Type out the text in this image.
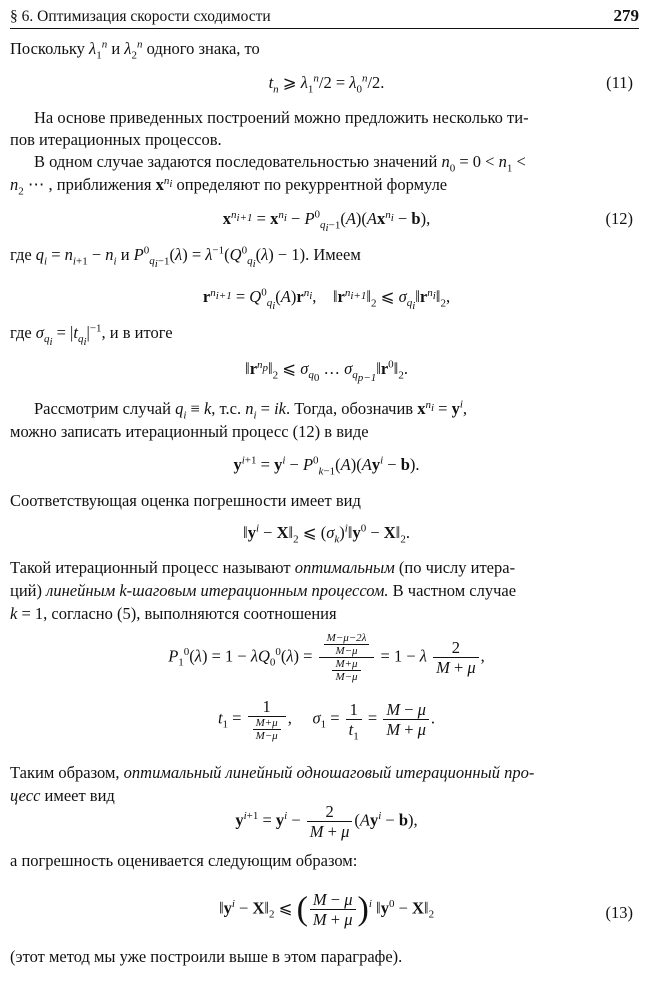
§ 6. Оптимизация скорости сходимости	279
Поскольку $\lambda_1^n$ и $\lambda_2^n$ одного знака, то
$t_n$ ⩾ $\lambda_1^n/2 = \lambda_0^n/2$.	(11)
На основе приведенных построений можно предложить несколько ти-
пов итерационных процессов.
В одном случае задаются последовательностью значений $n_0 = 0 < n_1$ <
$n_2$ ⋯ , приближения $x^{n_i}$ определяют по рекуррентной формуле
$x^{n_{i+1}} = x^{n_i} - P^0_{q_i-1}(A)(Ax^{n_i} - b)$,	(12)
где $q_i = n_{i+1} - n_i$ и $P^0_{q_i-1}(\lambda) = \lambda^{-1}(Q^0_{q_i}(\lambda) - 1)$. Имеем
$r^{n_{i+1}} = Q^0_{q_i}(A)r^{n_i}$,    $‖r^{n_{i+1}}‖_2$ ⩽ $\sigma_{q_i}‖r^{n_i}‖_2$,
где $\sigma_{q_i} = |t_{q_i}|^{-1}$, и в итоге
$‖r^{n_p}‖_2$ ⩽ $\sigma_{q_0}$ … $\sigma_{q_{p-1}}‖r^0‖_2$.
Рассмотрим случай $q_i \equiv k$, т.с. $n_i$ = ik. Тогда, обозначив $x^{n_i} = y^i$,
можно записать итерационный процесс (12) в виде
$y^{i+1} = y^i - P^0_{k-1}(A)(Ay^i - b)$.
Соответствующая оценка погрешности имеет вид
$‖y^i$ − $X‖_2$ ⩽ $(\sigma_k)^i‖y^0$ − $X‖_2$.
Такой итерационный процесс называют оптимальным (по числу итера-
ций) линейным k-шаговым итерационным процессом. В частном случае
k = 1, согласно (5), выполняются соотношения
$P_1^0(\lambda) = 1 - \lambda Q_0^0(\lambda) = \frac{\frac{M-\mu-2\lambda}{M-\mu}}{\frac{M+\mu}{M-\mu}} = 1 - \lambda \frac{2}{M + \mu}$ ,
$t_1 = \frac{1}{\frac{M+\mu}{M-\mu}}$ ,     $\sigma_1 = \frac{1}{t_1} = \frac{M - \mu}{M + \mu}$ .
Таким образом, оптимальный линейный одношаговый итерационный про-
цесс имеет вид
$y^{i+1} = y^i - \frac{2}{M + \mu} (Ay^i - b)$,
а погрешность оценивается следующим образом:
$‖y^i$ − $X‖_2$ ⩽ ( $\frac{M - \mu}{M + \mu} )^i$ $‖y^0$ − $X‖_2$	(13)
(этот метод мы уже построили выше в этом параграфе).
